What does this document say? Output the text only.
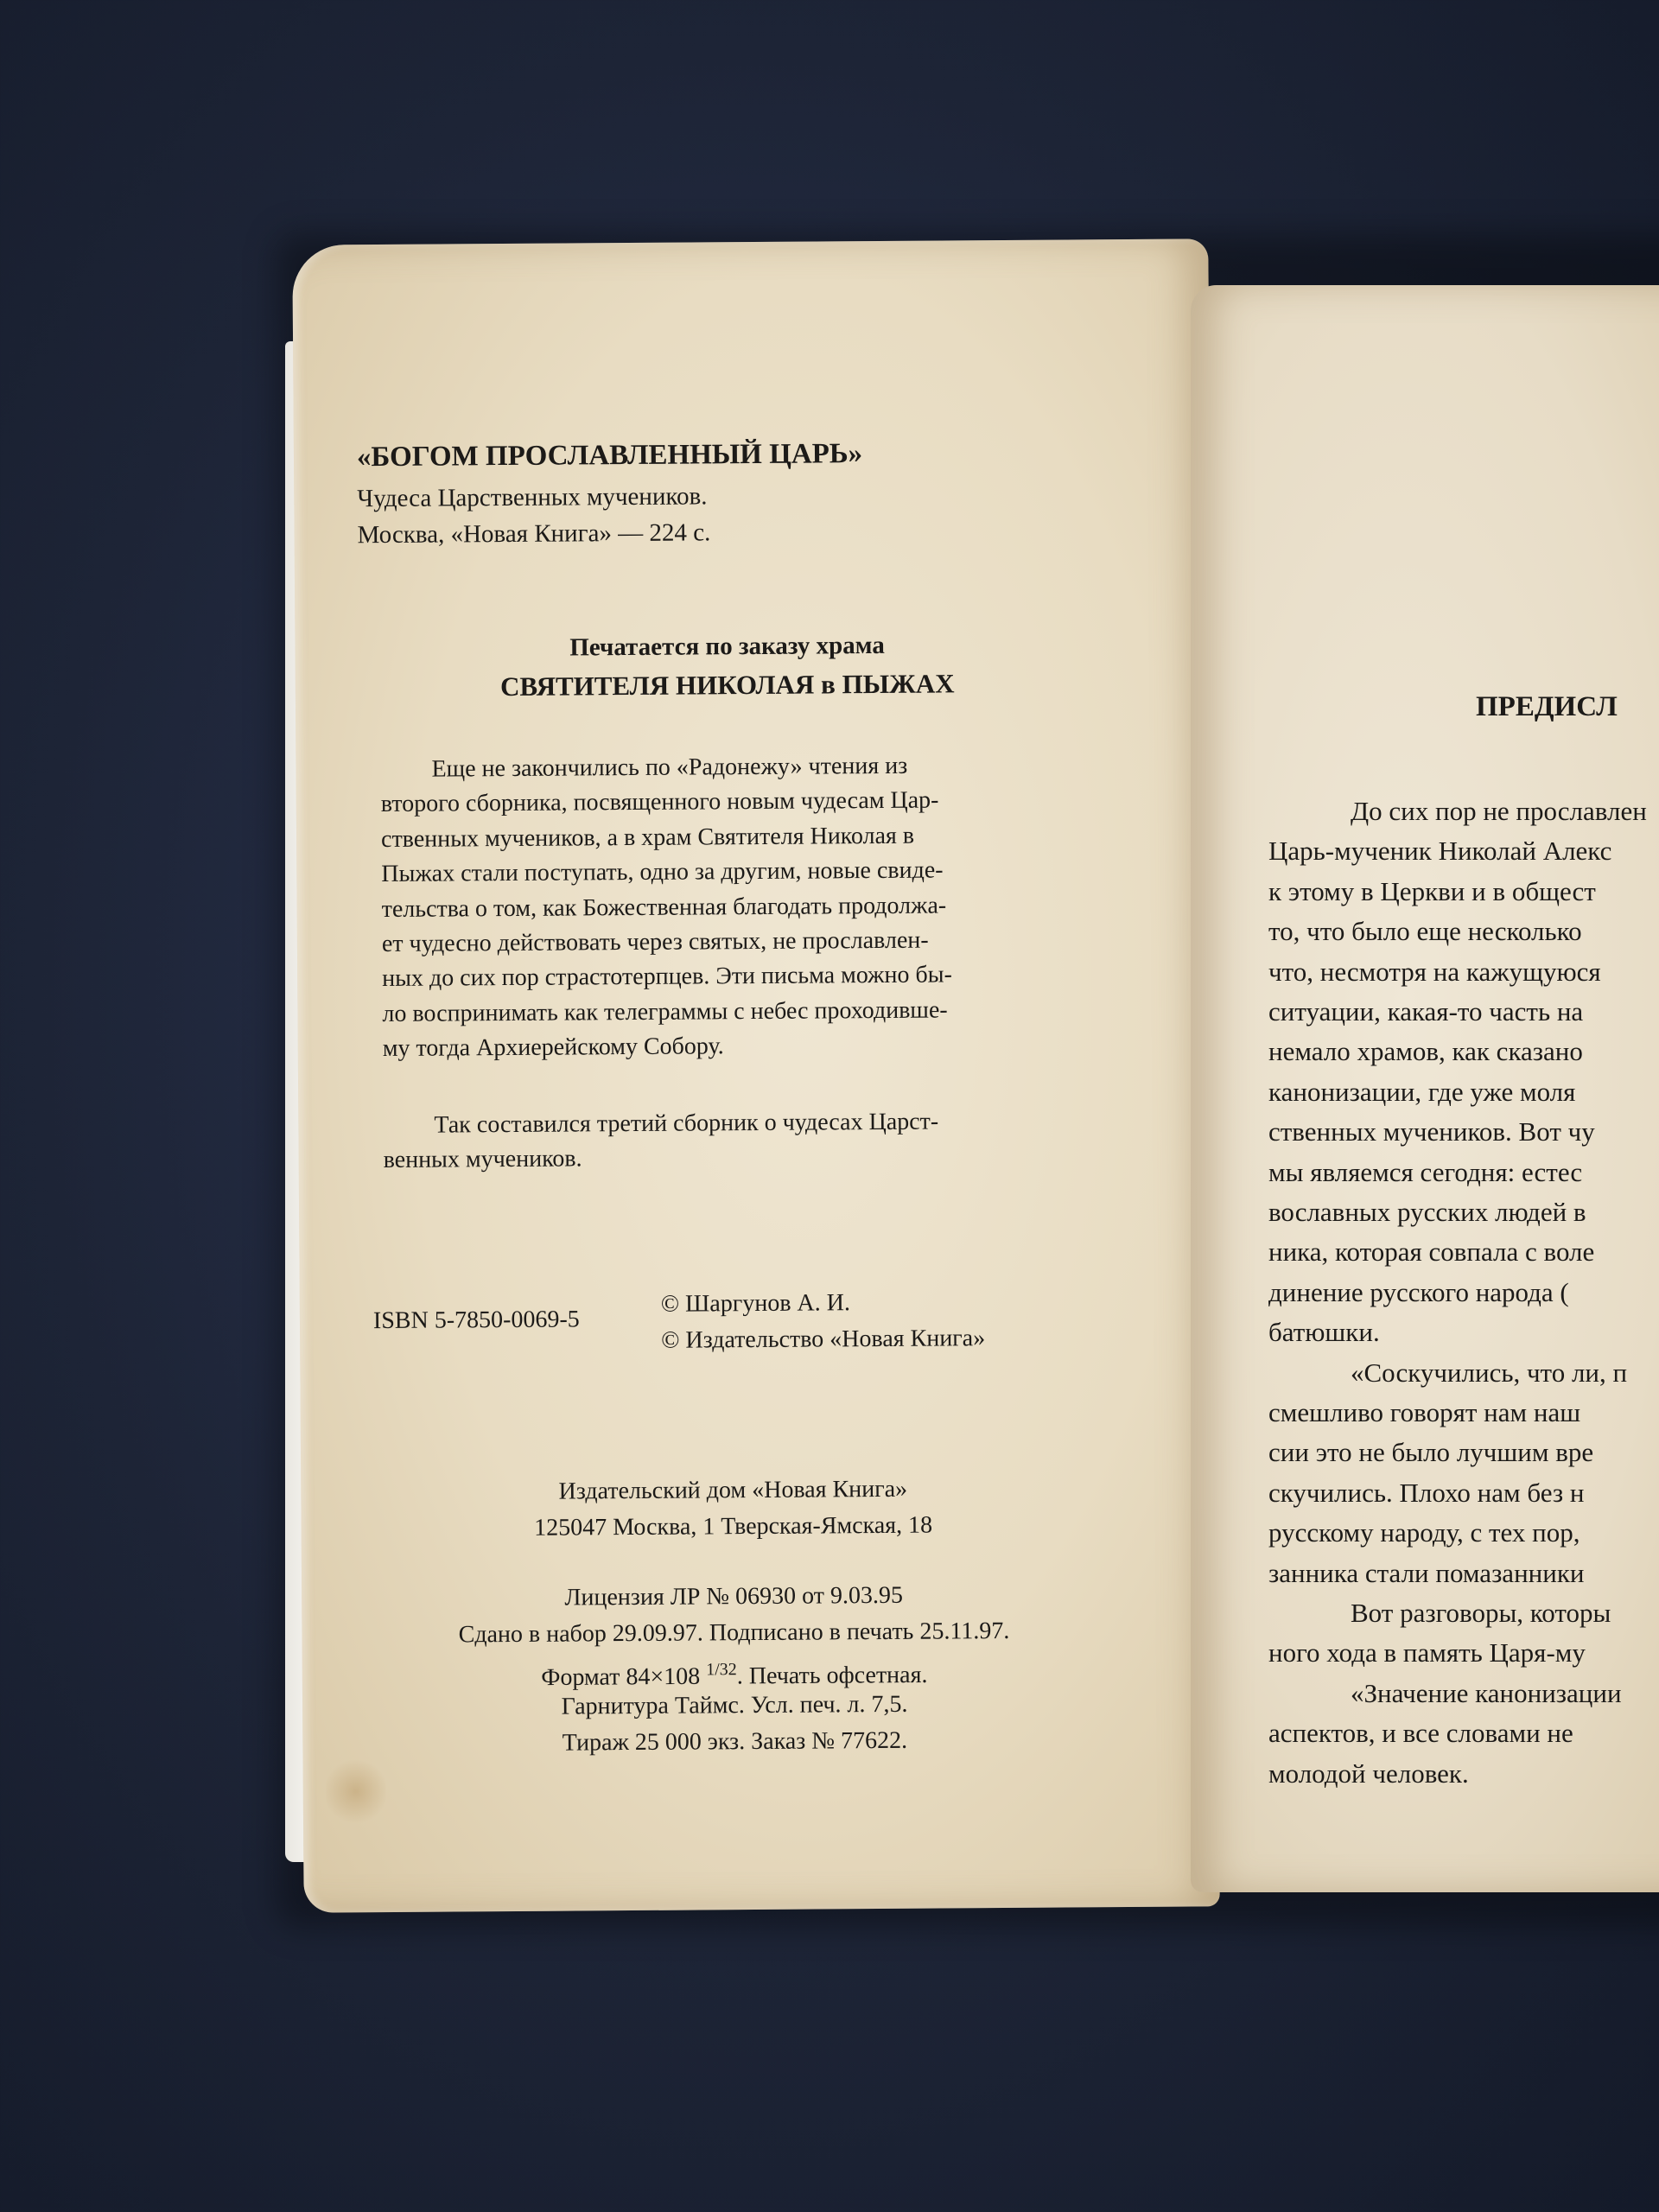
«БОГОМ ПРОСЛАВЛЕННЫЙ ЦАРЬ»

Чудеса Царственных мучеников.

Москва, «Новая Книга» — 224 с.

Печатается по заказу храма

СВЯТИТЕЛЯ НИКОЛАЯ в ПЫЖАХ

Еще не закончились по «Радонежу» чтения из
второго сборника, посвященного новым чудесам Цар-
ственных мучеников, а в храм Святителя Николая в
Пыжах стали поступать, одно за другим, новые свиде-
тельства о том, как Божественная благодать продолжа-
ет чудесно действовать через святых, не прославлен-
ных до сих пор страстотерпцев. Эти письма можно бы-
ло воспринимать как телеграммы с небес проходивше-
му тогда Архиерейскому Собору.
Так составился третий сборник о чудесах Царст-
венных мучеников.

ISBN 5-7850-0069-5

© Шаргунов А. И.

© Издательство «Новая Книга»

Издательский дом «Новая Книга»

125047 Москва, 1 Тверская-Ямская, 18

Лицензия ЛР № 06930 от 9.03.95

Сдано в набор 29.09.97. Подписано в печать 25.11.97.

Формат 84×108 $^{1/32}$. Печать офсетная.

Гарнитура Таймс. Усл. печ. л. 7,5.

Тираж 25 000 экз. Заказ № 77622.

ПРЕДИСЛ

До сих пор не прославлен

Царь-мученик Николай Алекс

к этому в Церкви и в общест

то, что было еще несколько

что, несмотря на кажущуюся

ситуации, какая-то часть на

немало храмов, как сказано

канонизации, где уже моля

ственных мучеников. Вот чу

мы являемся сегодня: естес

вославных русских людей в

ника, которая совпала с воле

динение русского народа (

батюшки.

«Соскучились, что ли, п

смешливо говорят нам наш

сии это не было лучшим вре

скучились. Плохо нам без н

русскому народу, с тех пор,

занника стали помазанники

Вот разговоры, которы

ного хода в память Царя-му

«Значение канонизации

аспектов, и все словами не

молодой человек.
